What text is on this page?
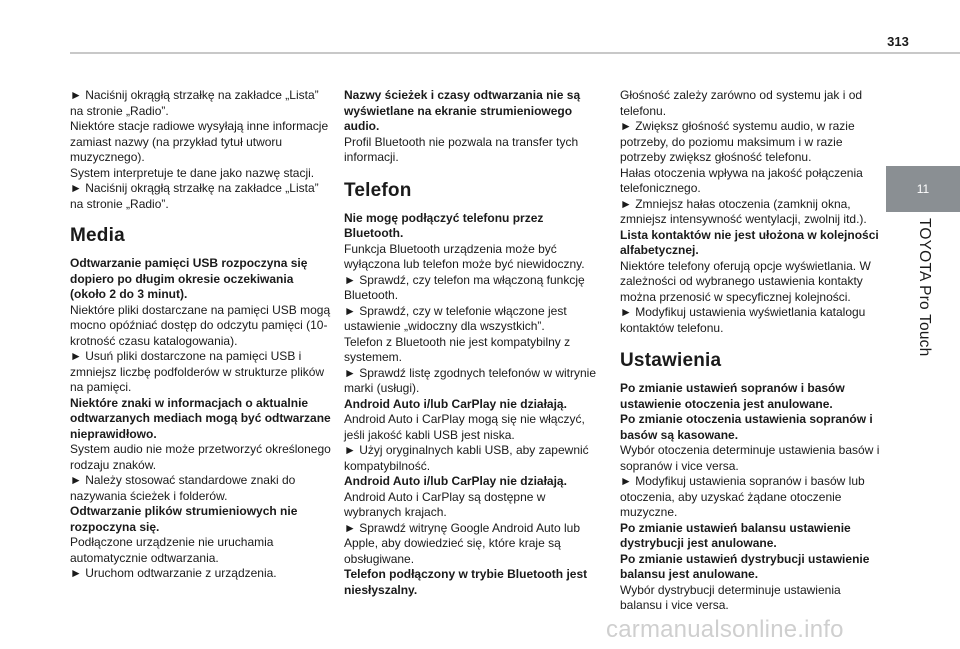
313
11
TOYOTA Pro Touch

► Naciśnij okrągłą strzałkę na zakładce „Lista” na stronie „Radio”.

Niektóre stacje radiowe wysyłają inne informacje zamiast nazwy (na przykład tytuł utworu muzycznego).

System interpretuje te dane jako nazwę stacji.

► Naciśnij okrągłą strzałkę na zakładce „Lista” na stronie „Radio”.

Media

Odtwarzanie pamięci USB rozpoczyna się dopiero po długim okresie oczekiwania (około 2 do 3 minut).

Niektóre pliki dostarczane na pamięci USB mogą mocno opóźniać dostęp do odczytu pamięci (10-krotność czasu katalogowania).

► Usuń pliki dostarczone na pamięci USB i zmniejsz liczbę podfolderów w strukturze plików na pamięci.

Niektóre znaki w informacjach o aktualnie odtwarzanych mediach mogą być odtwarzane nieprawidłowo.

System audio nie może przetworzyć określonego rodzaju znaków.

► Należy stosować standardowe znaki do nazywania ścieżek i folderów.

Odtwarzanie plików strumieniowych nie rozpoczyna się.

Podłączone urządzenie nie uruchamia automatycznie odtwarzania.

► Uruchom odtwarzanie z urządzenia.

Nazwy ścieżek i czasy odtwarzania nie są wyświetlane na ekranie strumieniowego audio.

Profil Bluetooth nie pozwala na transfer tych informacji.

Telefon

Nie mogę podłączyć telefonu przez Bluetooth.

Funkcja Bluetooth urządzenia może być wyłączona lub telefon może być niewidoczny.

► Sprawdź, czy telefon ma włączoną funkcję Bluetooth.

► Sprawdź, czy w telefonie włączone jest ustawienie „widoczny dla wszystkich”.

Telefon z Bluetooth nie jest kompatybilny z systemem.

► Sprawdź listę zgodnych telefonów w witrynie marki (usługi).

Android Auto i/lub CarPlay nie działają.

Android Auto i CarPlay mogą się nie włączyć, jeśli jakość kabli USB jest niska.

► Użyj oryginalnych kabli USB, aby zapewnić kompatybilność.

Android Auto i/lub CarPlay nie działają.

Android Auto i CarPlay są dostępne w wybranych krajach.

► Sprawdź witrynę Google Android Auto lub Apple, aby dowiedzieć się, które kraje są obsługiwane.

Telefon podłączony w trybie Bluetooth jest niesłyszalny.

Głośność zależy zarówno od systemu jak i od telefonu.

► Zwiększ głośność systemu audio, w razie potrzeby, do poziomu maksimum i w razie potrzeby zwiększ głośność telefonu.

Hałas otoczenia wpływa na jakość połączenia telefonicznego.

► Zmniejsz hałas otoczenia (zamknij okna, zmniejsz intensywność wentylacji, zwolnij itd.).

Lista kontaktów nie jest ułożona w kolejności alfabetycznej.

Niektóre telefony oferują opcje wyświetlania. W zależności od wybranego ustawienia kontakty można przenosić w specyficznej kolejności.

► Modyfikuj ustawienia wyświetlania katalogu kontaktów telefonu.

Ustawienia

Po zmianie ustawień sopranów i basów ustawienie otoczenia jest anulowane.

Po zmianie otoczenia ustawienia sopranów i basów są kasowane.

Wybór otoczenia determinuje ustawienia basów i sopranów i vice versa.

► Modyfikuj ustawienia sopranów i basów lub otoczenia, aby uzyskać żądane otoczenie muzyczne.

Po zmianie ustawień balansu ustawienie dystrybucji jest anulowane.

Po zmianie ustawień dystrybucji ustawienie balansu jest anulowane.

Wybór dystrybucji determinuje ustawienia balansu i vice versa.

carmanualsonline.info
